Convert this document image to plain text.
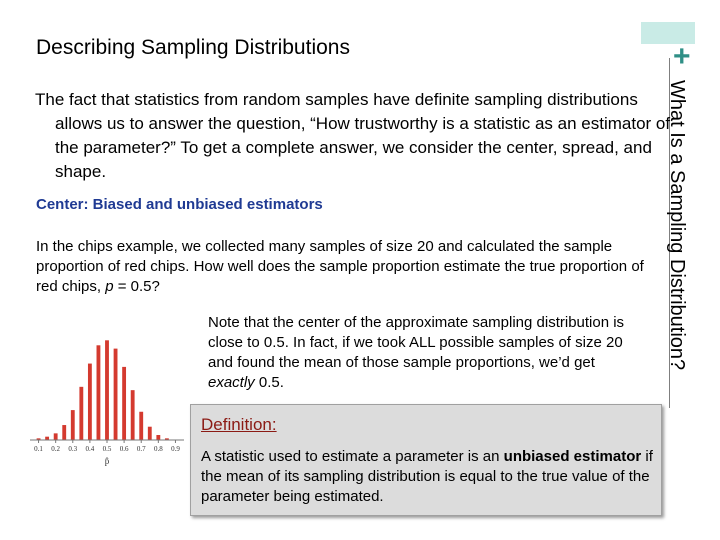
+
What Is a Sampling Distribution?
Describing Sampling Distributions

The fact that statistics from random samples have definite sampling distributions allows us to answer the question, “How trustworthy is a statistic as an estimator of the parameter?” To get a complete answer, we consider the center, spread, and shape.

Center: Biased and unbiased estimators

In the chips example, we collected many samples of size 20 and calculated the sample proportion of red chips. How well does the sample proportion estimate the true proportion of red chips, p = 0.5?

Note that the center of the approximate sampling distribution is close to 0.5. In fact, if we took ALL possible samples of size 20 and found the mean of those sample proportions, we’d get exactly 0.5.

0.1 0.2 0.3 0.4 0.5 0.6 0.7 0.8 0.9
p̂
Definition:

A statistic used to estimate a parameter is an unbiased estimator if the mean of its sampling distribution is equal to the true value of the parameter being estimated.
